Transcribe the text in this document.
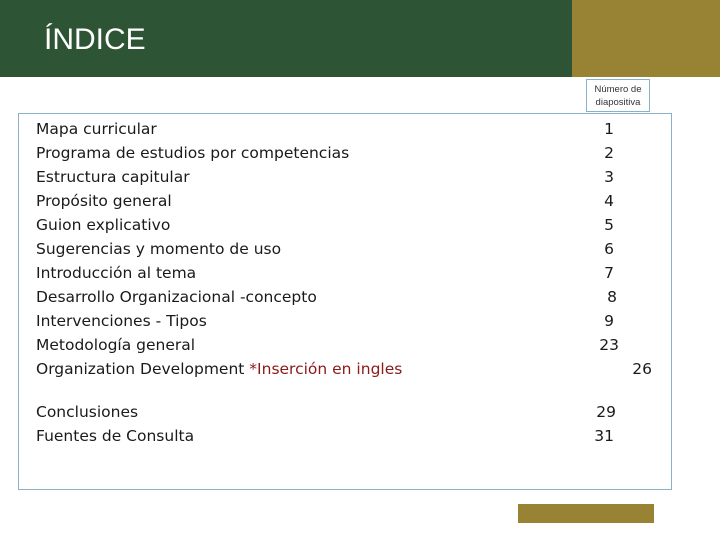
ÍNDICE
Número de diapositiva
Mapa curricular
Programa de estudios por competencias
Estructura capitular
Propósito general
Guion explicativo
Sugerencias y momento de uso
Introducción al tema
Desarrollo Organizacional -concepto
Intervenciones - Tipos
Metodología general
Organization Development *Inserción en ingles
Conclusiones
Fuentes de Consulta
1
2
3
4
5
6
7
8
9
23
26
29
31
